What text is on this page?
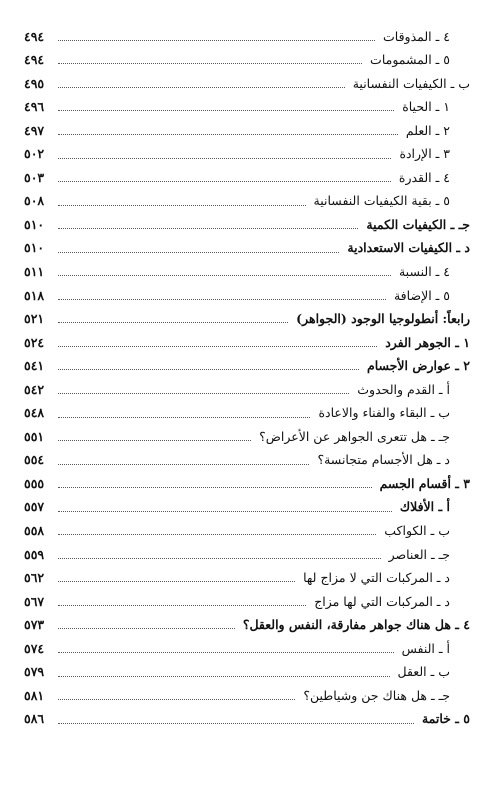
٤ ـ المذوقات
٤٩٤
٥ ـ المشمومات
٤٩٤
ب ـ الكيفيات النفسانية
٤٩٥
١ ـ الحياة
٤٩٦
٢ ـ العلم
٤٩٧
٣ ـ الإرادة
٥٠٢
٤ ـ القدرة
٥٠٣
٥ ـ بقية الكيفيات النفسانية
٥٠٨
جـ ـ الكيفيات الكمية
٥١٠
د ـ الكيفيات الاستعدادية
٥١٠
٤ ـ النسبة
٥١١
٥ ـ الإضافة
٥١٨
رابعاً: أنطولوجيا الوجود (الجواهر)
٥٢١
١ ـ الجوهر الفرد
٥٢٤
٢ ـ عوارض الأجسام
٥٤١
أ ـ القدم والحدوث
٥٤٢
ب ـ البقاء والفناء والاعادة
٥٤٨
جـ ـ هل تتعرى الجواهر عن الأعراض؟
٥٥١
د ـ هل الأجسام متجانسة؟
٥٥٤
٣ ـ أقسام الجسم
٥٥٥
أ ـ الأفلاك
٥٥٧
ب ـ الكواكب
٥٥٨
جـ ـ العناصر
٥٥٩
د ـ المركبات التي لا مزاج لها
٥٦٢
د ـ المركبات التي لها مزاج
٥٦٧
٤ ـ هل هناك جواهر مفارقة، النفس والعقل؟
٥٧٣
أ ـ النفس
٥٧٤
ب ـ العقل
٥٧٩
جـ ـ هل هناك جن وشياطين؟
٥٨١
٥ ـ خاتمة
٥٨٦
